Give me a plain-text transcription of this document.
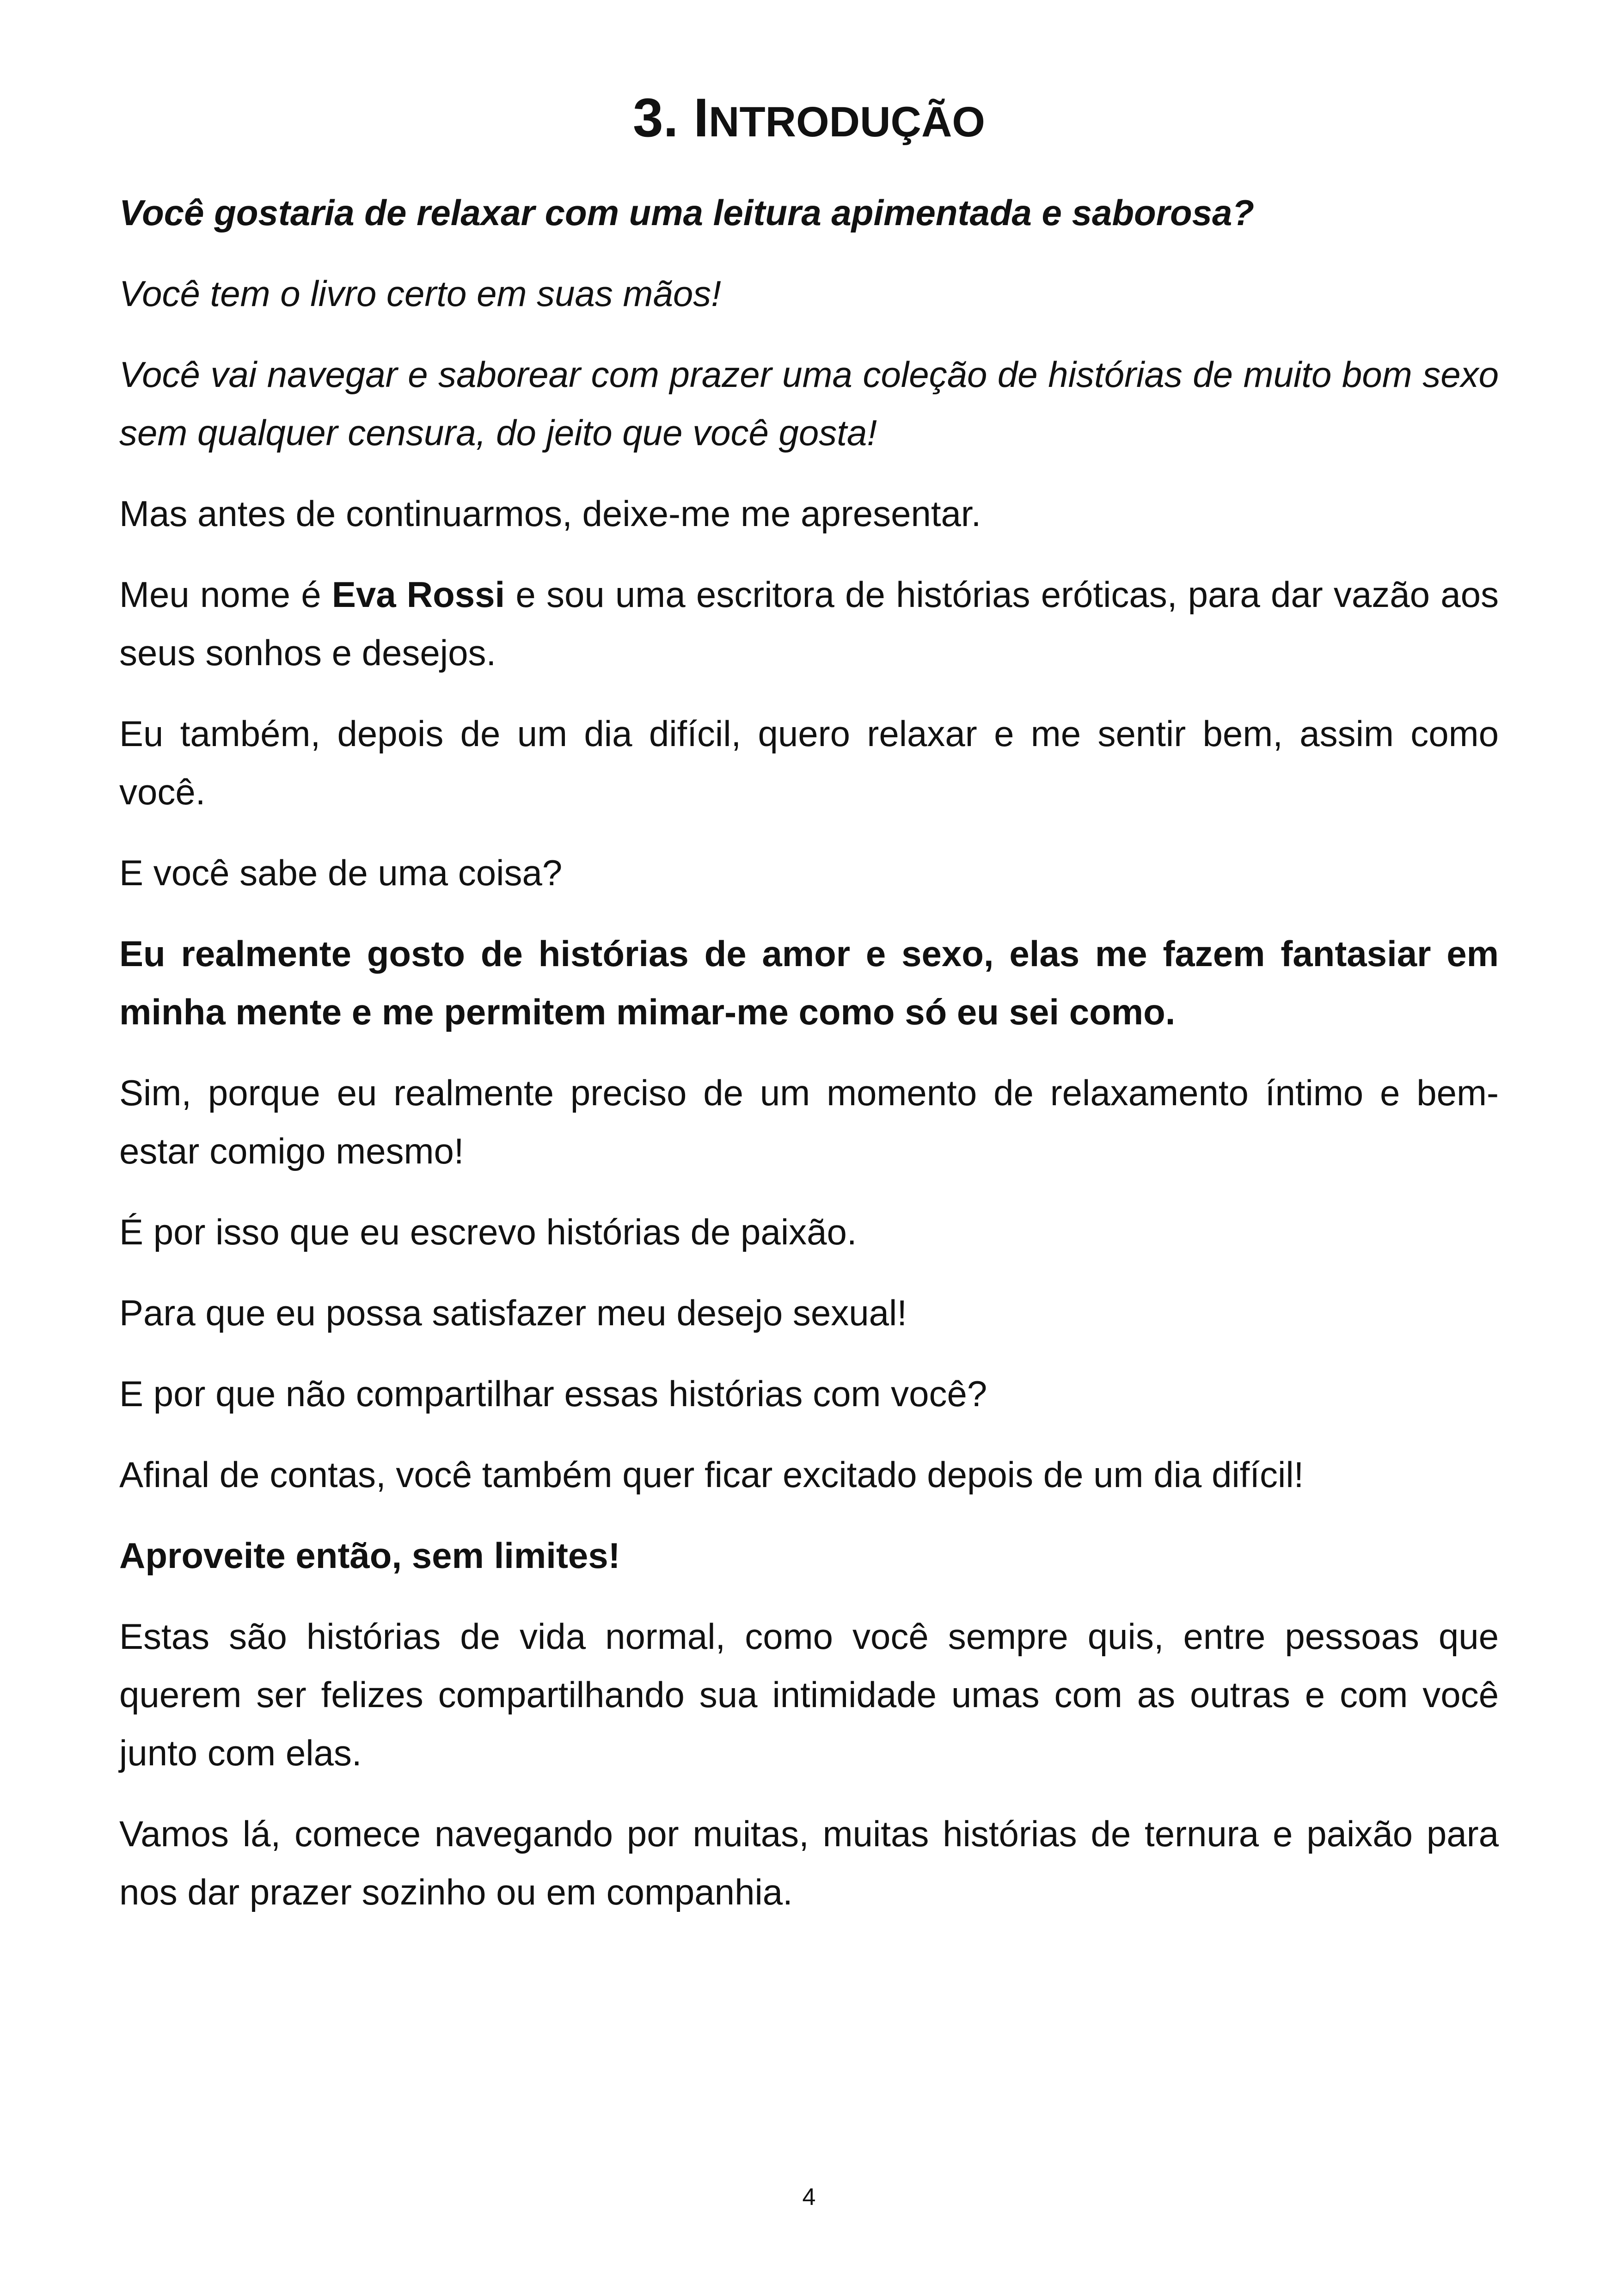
3. INTRODUÇÃO

Você gostaria de relaxar com uma leitura apimentada e saborosa?

Você tem o livro certo em suas mãos!

Você vai navegar e saborear com prazer uma coleção de histórias de muito bom sexo sem qualquer censura, do jeito que você gosta!

Mas antes de continuarmos, deixe-me me apresentar.

Meu nome é Eva Rossi e sou uma escritora de histórias eróticas, para dar vazão aos seus sonhos e desejos.

Eu também, depois de um dia difícil, quero relaxar e me sentir bem, assim como você.

E você sabe de uma coisa?

Eu realmente gosto de histórias de amor e sexo, elas me fazem fantasiar em minha mente e me permitem mimar-me como só eu sei como.

Sim, porque eu realmente preciso de um momento de relaxamento íntimo e bem-estar comigo mesmo!

É por isso que eu escrevo histórias de paixão.

Para que eu possa satisfazer meu desejo sexual!

E por que não compartilhar essas histórias com você?

Afinal de contas, você também quer ficar excitado depois de um dia difícil!

Aproveite então, sem limites!

Estas são histórias de vida normal, como você sempre quis, entre pessoas que querem ser felizes compartilhando sua intimidade umas com as outras e com você junto com elas.

Vamos lá, comece navegando por muitas, muitas histórias de ternura e paixão para nos dar prazer sozinho ou em companhia.

4
